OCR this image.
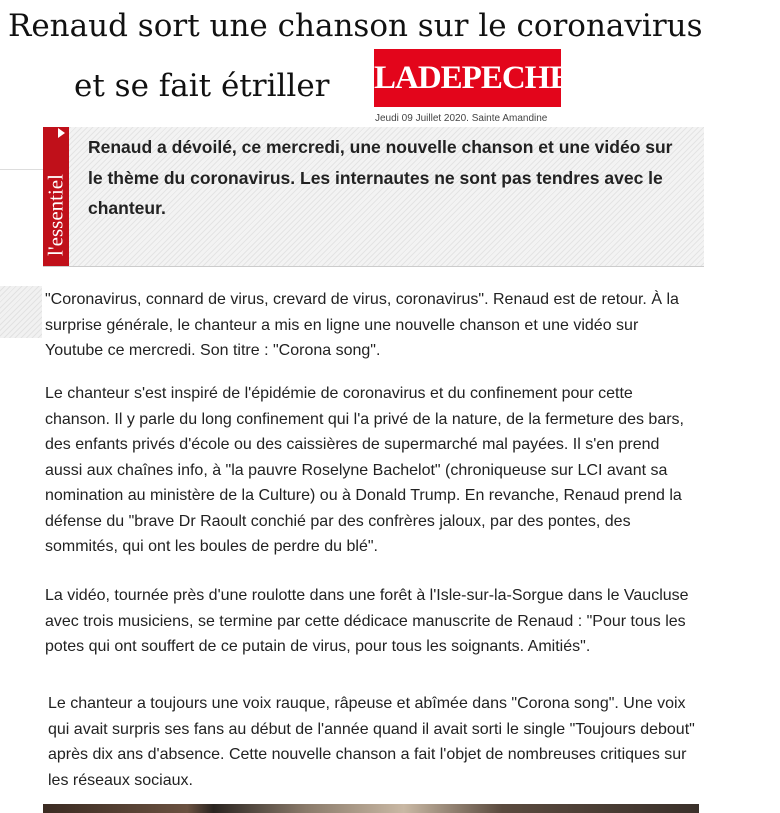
Renaud sort une chanson sur le coronavirus
et se fait étriller LADEPECHE
Jeudi 09 Juillet 2020. Sainte Amandine
l'essentiel
Renaud a dévoilé, ce mercredi, une nouvelle chanson et une vidéo sur le thème du coronavirus. Les internautes ne sont pas tendres avec le chanteur.
"Coronavirus, connard de virus, crevard de virus, coronavirus". Renaud est de retour. À la surprise générale, le chanteur a mis en ligne une nouvelle chanson et une vidéo sur Youtube ce mercredi. Son titre : "Corona song".
Le chanteur s'est inspiré de l'épidémie de coronavirus et du confinement pour cette chanson. Il y parle du long confinement qui l'a privé de la nature, de la fermeture des bars, des enfants privés d'école ou des caissières de supermarché mal payées. Il s'en prend aussi aux chaînes info, à "la pauvre Roselyne Bachelot" (chroniqueuse sur LCI avant sa nomination au ministère de la Culture) ou à Donald Trump. En revanche, Renaud prend la défense du "brave Dr Raoult conchié par des confrères jaloux, par des pontes, des sommités, qui ont les boules de perdre du blé".
La vidéo, tournée près d'une roulotte dans une forêt à l'Isle-sur-la-Sorgue dans le Vaucluse avec trois musiciens, se termine par cette dédicace manuscrite de Renaud : "Pour tous les potes qui ont souffert de ce putain de virus, pour tous les soignants. Amitiés".
Le chanteur a toujours une voix rauque, râpeuse et abîmée dans "Corona song". Une voix qui avait surpris ses fans au début de l'année quand il avait sorti le single "Toujours debout" après dix ans d'absence. Cette nouvelle chanson a fait l'objet de nombreuses critiques sur les réseaux sociaux.
